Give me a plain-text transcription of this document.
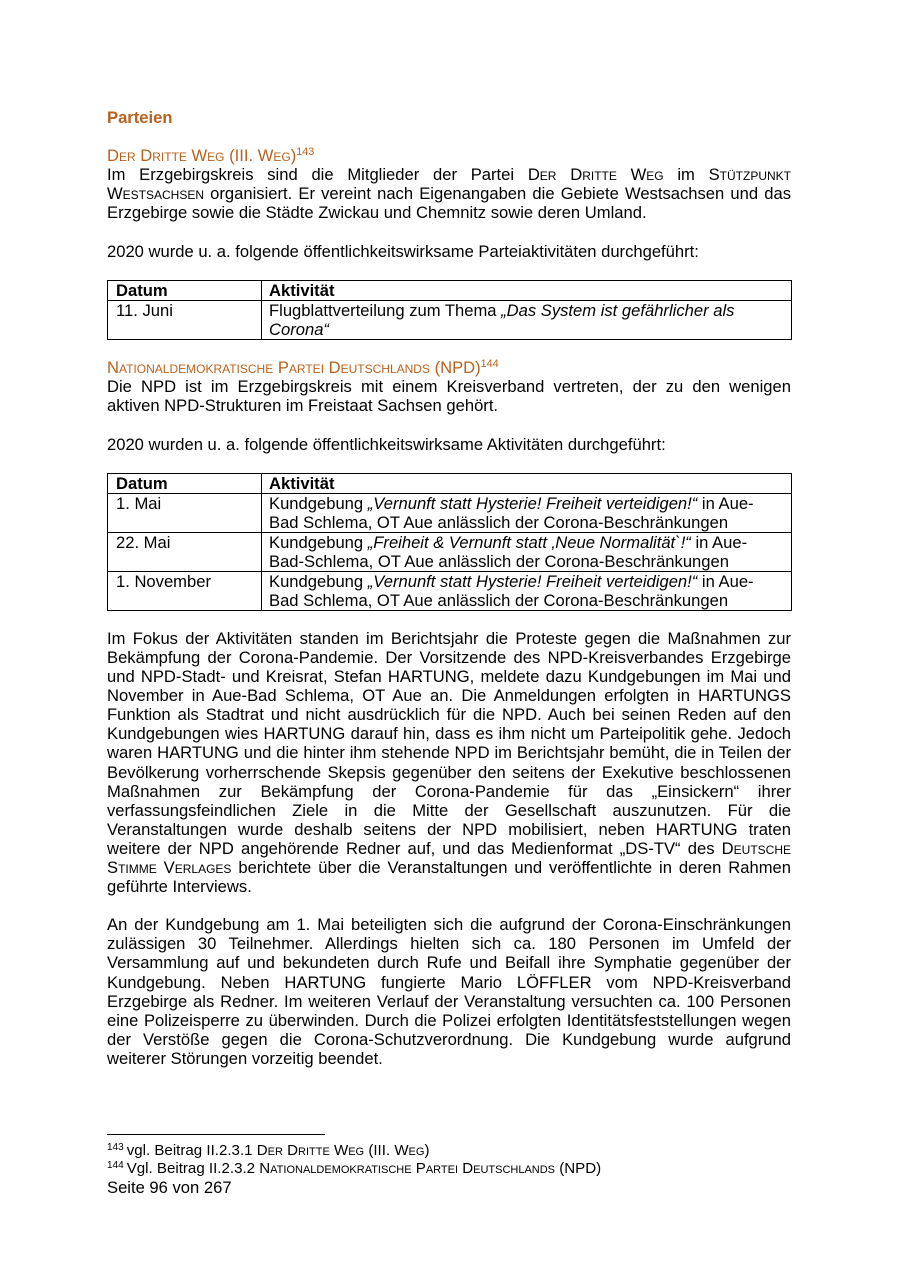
Parteien
Der Dritte Weg (III. Weg)$^{143}$

Im Erzgebirgskreis sind die Mitglieder der Partei Der Dritte Weg im Stützpunkt Westsachsen organisiert. Er vereint nach Eigenangaben die Gebiete Westsachsen und das Erzgebirge sowie die Städte Zwickau und Chemnitz sowie deren Umland.

2020 wurde u. a. folgende öffentlichkeitswirksame Parteiaktivitäten durchgeführt:

Datum	Aktivität
11. Juni	Flugblattverteilung zum Thema „Das System ist gefährlicher als Corona“
Nationaldemokratische Partei Deutschlands (NPD)$^{144}$

Die NPD ist im Erzgebirgskreis mit einem Kreisverband vertreten, der zu den wenigen aktiven NPD-Strukturen im Freistaat Sachsen gehört.

2020 wurden u. a. folgende öffentlichkeitswirksame Aktivitäten durchgeführt:

Datum	Aktivität
1. Mai	Kundgebung „Vernunft statt Hysterie! Freiheit verteidigen!“ in Aue-Bad Schlema, OT Aue anlässlich der Corona-Beschränkungen
22. Mai	Kundgebung „Freiheit & Vernunft statt ‚Neue Normalität`!“ in Aue-Bad-Schlema, OT Aue anlässlich der Corona-Beschränkungen
1. November	Kundgebung „Vernunft statt Hysterie! Freiheit verteidigen!“ in Aue-Bad Schlema, OT Aue anlässlich der Corona-Beschränkungen

Im Fokus der Aktivitäten standen im Berichtsjahr die Proteste gegen die Maßnahmen zur Bekämpfung der Corona-Pandemie. Der Vorsitzende des NPD-Kreisverbandes Erzgebirge und NPD-Stadt- und Kreisrat, Stefan HARTUNG, meldete dazu Kundgebungen im Mai und November in Aue-Bad Schlema, OT Aue an. Die Anmeldungen erfolgten in HARTUNGS Funktion als Stadtrat und nicht ausdrücklich für die NPD. Auch bei seinen Reden auf den Kundgebungen wies HARTUNG darauf hin, dass es ihm nicht um Parteipolitik gehe. Jedoch waren HARTUNG und die hinter ihm stehende NPD im Berichtsjahr bemüht, die in Teilen der Bevölkerung vorherrschende Skepsis gegenüber den seitens der Exekutive beschlossenen Maßnahmen zur Bekämpfung der Corona-Pandemie für das „Einsickern“ ihrer verfassungsfeindlichen Ziele in die Mitte der Gesellschaft auszunutzen. Für die Veranstaltungen wurde deshalb seitens der NPD mobilisiert, neben HARTUNG traten weitere der NPD angehörende Redner auf, und das Medienformat „DS-TV“ des Deutsche Stimme Verlages berichtete über die Veranstaltungen und veröffentlichte in deren Rahmen geführte Interviews.

An der Kundgebung am 1. Mai beteiligten sich die aufgrund der Corona-Einschränkungen zulässigen 30 Teilnehmer. Allerdings hielten sich ca. 180 Personen im Umfeld der Versammlung auf und bekundeten durch Rufe und Beifall ihre Symphatie gegenüber der Kundgebung. Neben HARTUNG fungierte Mario LÖFFLER vom NPD-Kreisverband Erzgebirge als Redner. Im weiteren Verlauf der Veranstaltung versuchten ca. 100 Personen eine Polizeisperre zu überwinden. Durch die Polizei erfolgten Identitätsfeststellungen wegen der Verstöße gegen die Corona-Schutzverordnung. Die Kundgebung wurde aufgrund weiterer Störungen vorzeitig beendet.

$^{143}$ vgl. Beitrag II.2.3.1 Der Dritte Weg (III. Weg)
$^{144}$ Vgl. Beitrag II.2.3.2 Nationaldemokratische Partei Deutschlands (NPD)
Seite 96 von 267
